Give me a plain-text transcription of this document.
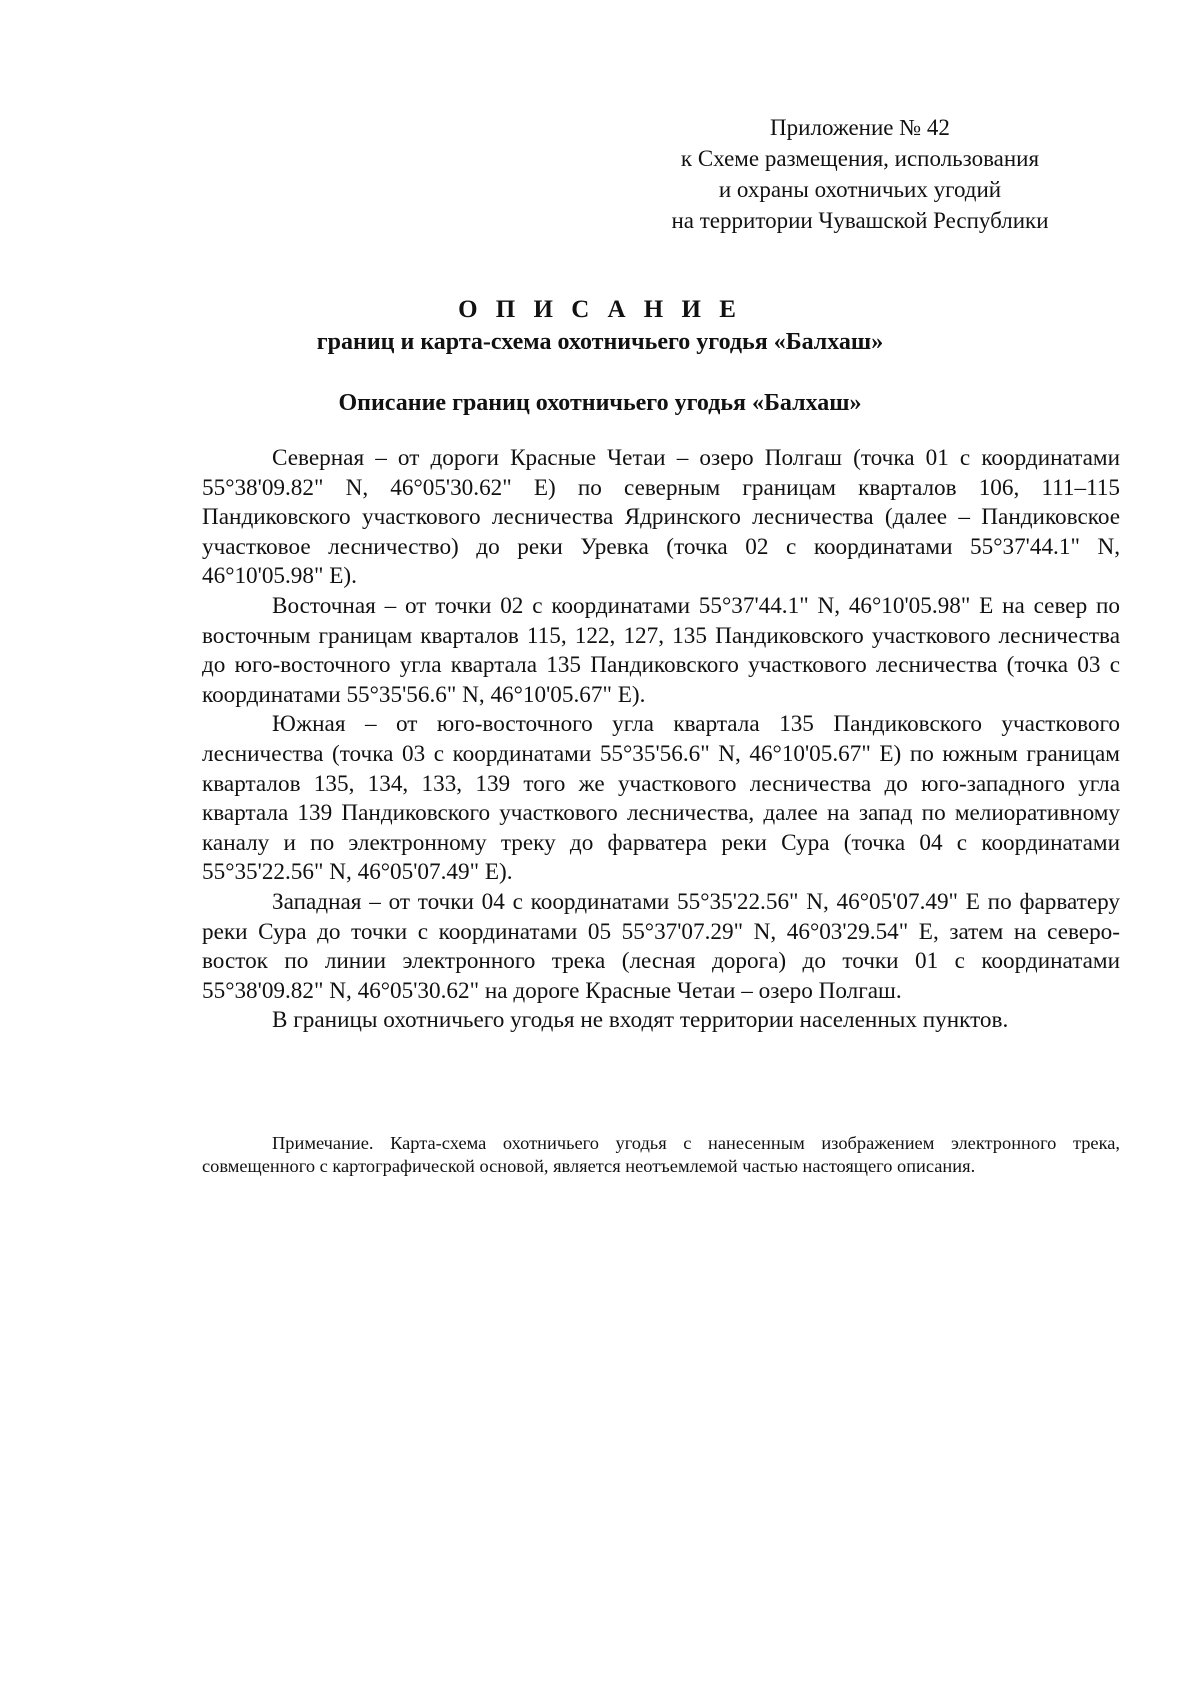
Приложение № 42
к Схеме размещения, использования
и охраны охотничьих угодий
на территории Чувашской Республики
О П И С А Н И Е
границ и карта-схема охотничьего угодья «Балхаш»
Описание границ охотничьего угодья «Балхаш»

Северная – от дороги Красные Четаи – озеро Полгаш (точка 01 с координатами 55°38'09.82" N, 46°05'30.62" E) по северным границам кварталов 106, 111–115 Пандиковского участкового лесничества Ядринского лесничества (далее – Пандиковское участковое лесничество) до реки Уревка (точка 02 с координатами 55°37'44.1" N, 46°10'05.98" E).

Восточная – от точки 02 с координатами 55°37'44.1" N, 46°10'05.98" E на север по восточным границам кварталов 115, 122, 127, 135 Пандиковского участкового лесничества до юго-восточного угла квартала 135 Пандиковского участкового лесничества (точка 03 с координатами 55°35'56.6" N, 46°10'05.67" E).

Южная – от юго-восточного угла квартала 135 Пандиковского участкового лесничества (точка 03 с координатами 55°35'56.6" N, 46°10'05.67" E) по южным границам кварталов 135, 134, 133, 139 того же участкового лесничества до юго-западного угла квартала 139 Пандиковского участкового лесничества, далее на запад по мелиоративному каналу и по электронному треку до фарватера реки Сура (точка 04 с координатами 55°35'22.56" N, 46°05'07.49" E).

Западная – от точки 04 с координатами 55°35'22.56" N, 46°05'07.49" E по фарватеру реки Сура до точки с координатами 05 55°37'07.29" N, 46°03'29.54" E, затем на северо-восток по линии электронного трека (лесная дорога) до точки 01 с координатами 55°38'09.82" N, 46°05'30.62" на дороге Красные Четаи – озеро Полгаш.

В границы охотничьего угодья не входят территории населенных пунктов.

Примечание. Карта-схема охотничьего угодья с нанесенным изображением электронного трека, совмещенного с картографической основой, является неотъемлемой частью настоящего описания.
